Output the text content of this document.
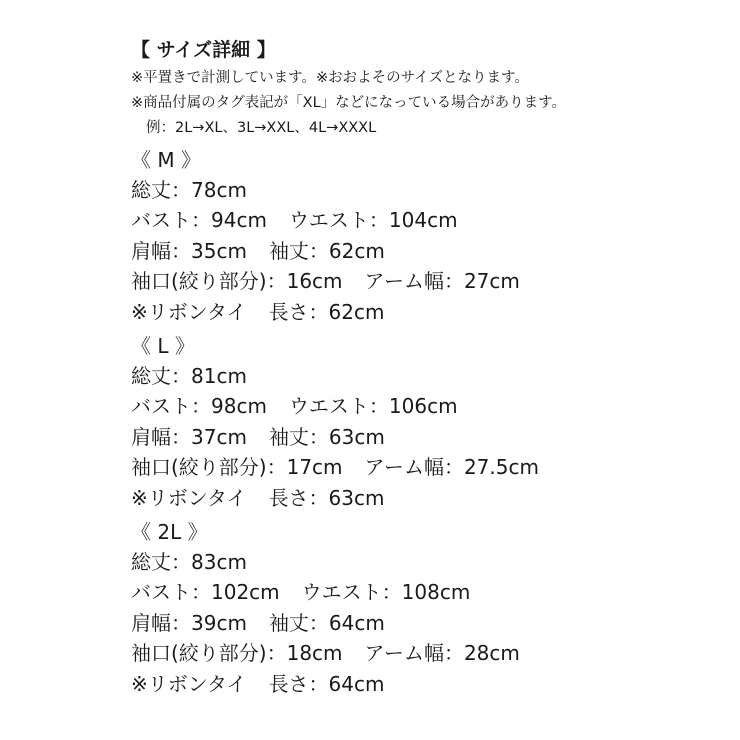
【 サイズ詳細 】
※平置きで計測しています。※おおよそのサイズとなります。
※商品付属のタグ表記が「XL」などになっている場合があります。
例：2L→XL、3L→XXL、4L→XXXL
《 M 》
総丈：78cm
バスト：94cm ウエスト：104cm
肩幅：35cm 袖丈：62cm
袖口(絞り部分)：16cm アーム幅：27cm
※リボンタイ 長さ：62cm
《 L 》
総丈：81cm
バスト：98cm ウエスト：106cm
肩幅：37cm 袖丈：63cm
袖口(絞り部分)：17cm アーム幅：27.5cm
※リボンタイ 長さ：63cm
《 2L 》
総丈：83cm
バスト：102cm ウエスト：108cm
肩幅：39cm 袖丈：64cm
袖口(絞り部分)：18cm アーム幅：28cm
※リボンタイ 長さ：64cm
